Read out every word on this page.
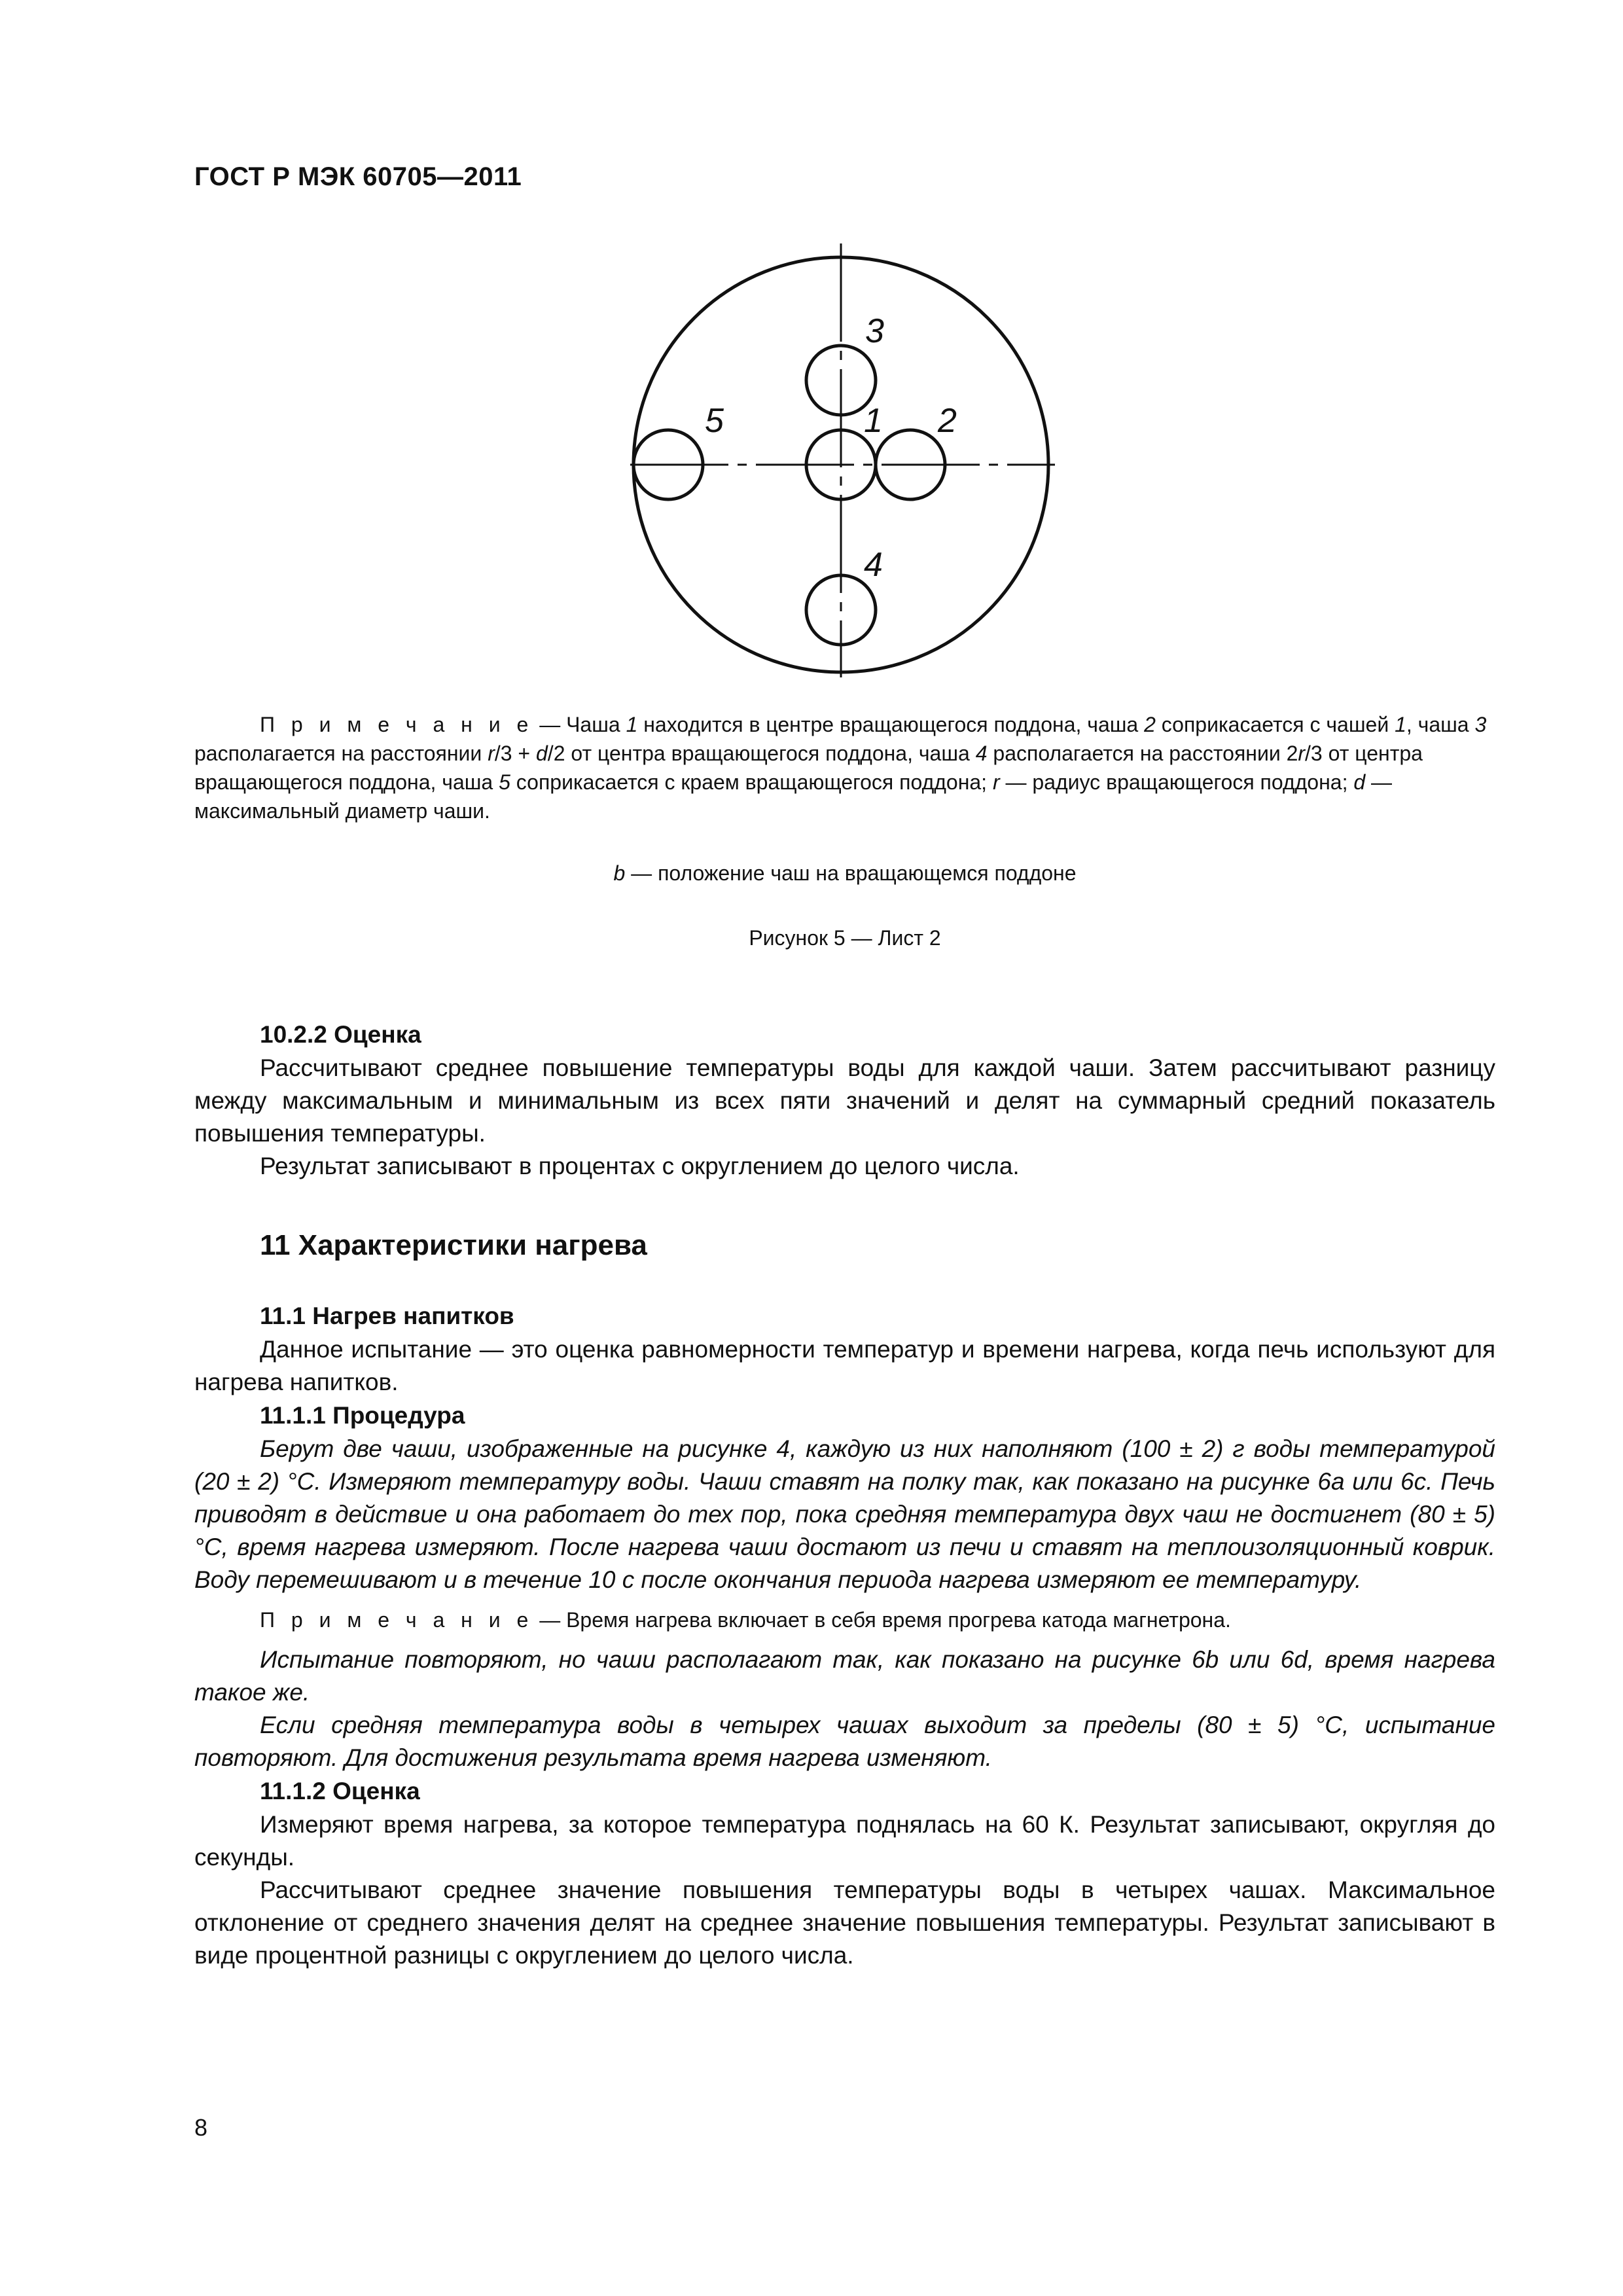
ГОСТ Р МЭК 60705—2011
3
5	1 2
4
П р и м е ч а н и е — Чаша 1 находится в центре вращающегося поддона, чаша 2 соприкасается с чашей 1, чаша 3 располагается на расстоянии r/3 + d/2 от центра вращающегося поддона, чаша 4 располагается на расстоянии 2r/3 от центра вращающегося поддона, чаша 5 соприкасается с краем вращающегося поддона; r — радиус вращающегося поддона; d — максимальный диаметр чаши.
b — положение чаш на вращающемся поддоне
Рисунок 5 — Лист 2
10.2.2 Оценка

Рассчитывают среднее повышение температуры воды для каждой чаши. Затем рассчитывают разницу между максимальным и минимальным из всех пяти значений и делят на суммарный средний показатель повышения температуры.

Результат записывают в процентах с округлением до целого числа.

11 Характеристики нагрева
11.1 Нагрев напитков

Данное испытание — это оценка равномерности температур и времени нагрева, когда печь используют для нагрева напитков.

11.1.1 Процедура

Берут две чаши, изображенные на рисунке 4, каждую из них наполняют (100 ± 2) г воды температурой (20 ± 2) °С. Измеряют температуру воды. Чаши ставят на полку так, как показано на рисунке 6а или 6с. Печь приводят в действие и она работает до тех пор, пока средняя температура двух чаш не достигнет (80 ± 5) °С, время нагрева измеряют. После нагрева чаши достают из печи и ставят на теплоизоляционный коврик. Воду перемешивают и в течение 10 с после окончания периода нагрева измеряют ее температуру.

П р и м е ч а н и е — Время нагрева включает в себя время прогрева катода магнетрона.

Испытание повторяют, но чаши располагают так, как показано на рисунке 6b или 6d, время нагрева такое же.

Если средняя температура воды в четырех чашах выходит за пределы (80 ± 5) °С, испытание повторяют. Для достижения результата время нагрева изменяют.

11.1.2 Оценка

Измеряют время нагрева, за которое температура поднялась на 60 К. Результат записывают, округляя до секунды.

Рассчитывают среднее значение повышения температуры воды в четырех чашах. Максимальное отклонение от среднего значения делят на среднее значение повышения температуры. Результат записывают в виде процентной разницы с округлением до целого числа.

8
